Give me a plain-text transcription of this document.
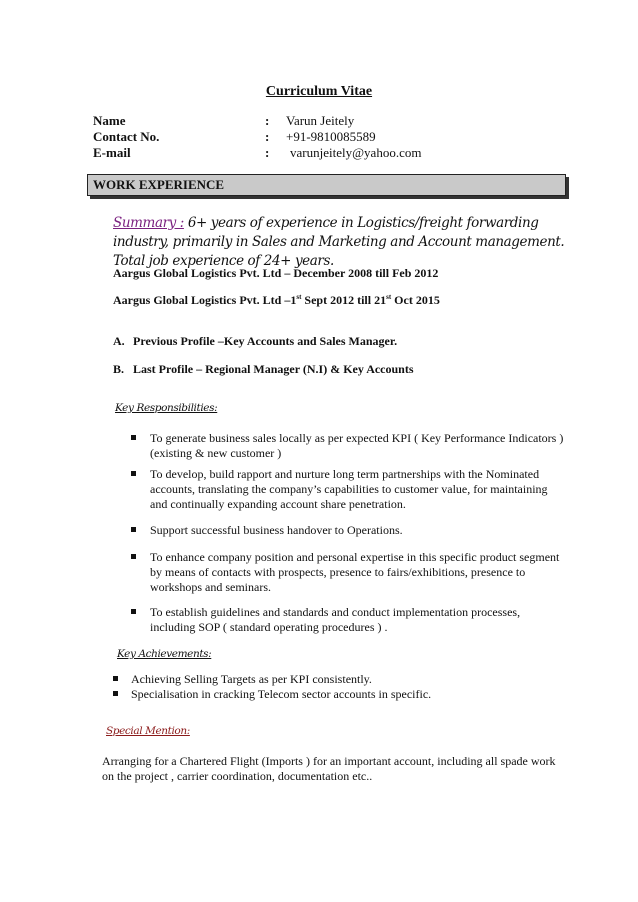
Curriculum Vitae
Name	: Varun Jeitely
Contact No.	: +91-9810085589
E-mail	: varunjeitely@yahoo.com
WORK EXPERIENCE
Summary : 6+ years of experience in Logistics/freight forwarding industry, primarily in Sales and Marketing and Account management. Total job experience of 24+ years.
Aargus Global Logistics Pvt. Ltd – December 2008 till Feb 2012
Aargus Global Logistics Pvt. Ltd –1st Sept 2012 till 21st Oct 2015
A. Previous Profile –Key Accounts and Sales Manager.
B. Last Profile – Regional Manager (N.I) & Key Accounts
Key Responsibilities:
To generate business sales locally as per expected KPI ( Key Performance Indicators )
(existing & new customer )
To develop, build rapport and nurture long term partnerships with the Nominated
accounts, translating the company’s capabilities to customer value, for maintaining
and continually expanding account share penetration.
Support successful business handover to Operations.
To enhance company position and personal expertise in this specific product segment
by means of contacts with prospects, presence to fairs/exhibitions, presence to
workshops and seminars.
To establish guidelines and standards and conduct implementation processes,
including SOP ( standard operating procedures ) .
Key Achievements:
Achieving Selling Targets as per KPI consistently.
Specialisation in cracking Telecom sector accounts in specific.
Special Mention:
Arranging for a Chartered Flight (Imports ) for an important account, including all spade work
on the project , carrier coordination, documentation etc..
